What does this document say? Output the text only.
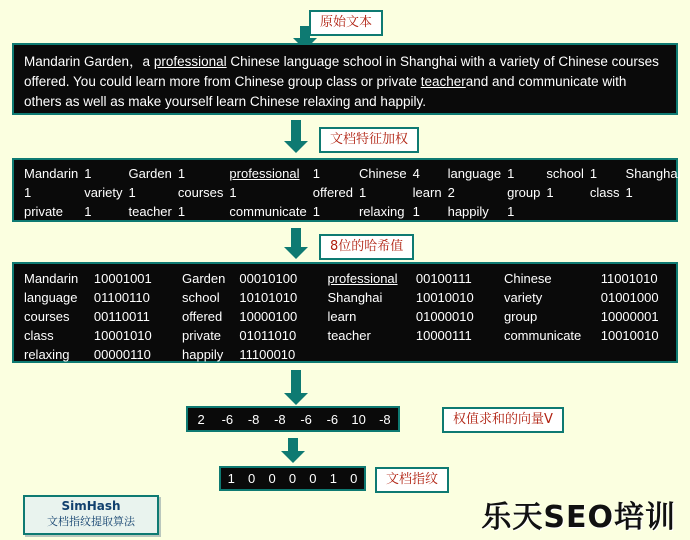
原始文本
Mandarin Garden，a professional Chinese language school in Shanghai with a variety of Chinese courses offered. You could learn more from Chinese group class or private teacherand and communicate with others as well as make yourself learn Chinese relaxing and happily.
文档特征加权
Mandarin	1	Garden	1	professional	1	Chinese	4	language	1	school	1	Shanghai
1	variety	1	courses	1	offered	1	learn	2	group	1	class	1
private	1	teacher	1	communicate	1	relaxing	1	happily	1			
8位的哈希值
Mandarin	10001001	Garden	00010100	professional	00100111	Chinese	11001010
language	01100110	school	10101010	Shanghai	10010010	variety	01001000
courses	00110011	offered	10000100	learn	01000010	group	10000001
class	10001010	private	01011010	teacher	10000111	communicate	10010010
relaxing	00000110	happily	11100010				
2	-6	-8	-8	-6	-6	10	-8	权值求和的向量V
1	0	0	0	0	1	0	文档指纹
SimHash
文档指纹提取算法	乐天SEO培训
